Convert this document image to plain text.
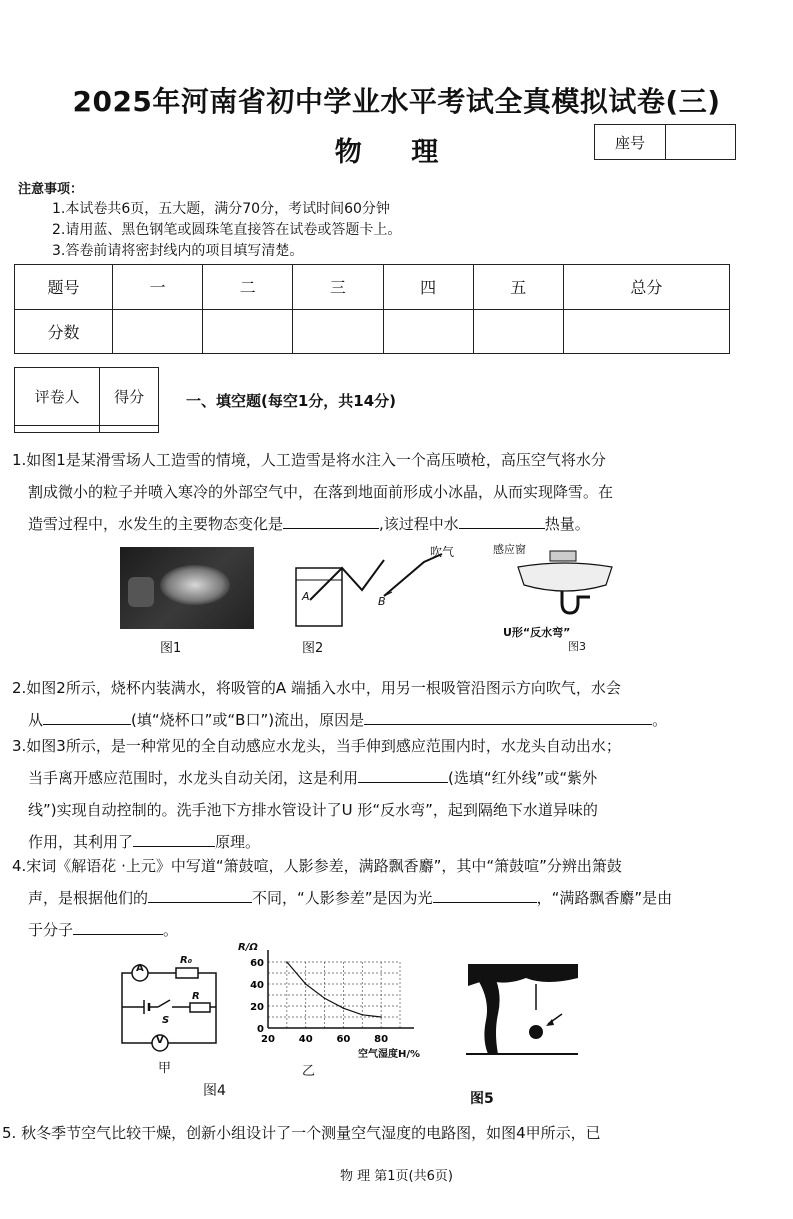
2025年河南省初中学业水平考试全真模拟试卷(三)
物 理	座号
注意事项：
1.本试卷共6页，五大题，满分70分，考试时间60分钟
2.请用蓝、黑色钢笔或圆珠笔直接答在试卷或答题卡上。
3.答卷前请将密封线内的项目填写清楚。
题号	一	二	三	四	五	总分
分数						
评卷人	得分
		一、填空题(每空1分，共14分)
1.如图1是某滑雪场人工造雪的情境，人工造雪是将水注入一个高压喷枪，高压空气将水分

割成微小的粒子并喷入寒冷的外部空气中，在落到地面前形成小冰晶，从而实现降雪。在
造雪过程中，水发生的主要物态变化是	,该过程中水	热量。
图1
吹气
A	B
图2
感应窗
U形“反水弯”
图3
2.如图2所示，烧杯内装满水，将吸管的A 端插入水中，用另一根吸管沿图示方向吹气，水会

从	(填“烧杯口”或“B口”)流出，原因是	。
3.如图3所示，是一种常见的全自动感应水龙头，当手伸到感应范围内时，水龙头自动出水；

当手离开感应范围时，水龙头自动关闭，这是利用	(选填“红外线”或“紫外
线”)实现自动控制的。洗手池下方排水管设计了U 形“反水弯”，起到隔绝下水道异味的
作用，其利用了	原理。
4.宋词《解语花 ·上元》中写道“箫鼓喧，人影参差，满路飘香麝”，其中“箫鼓喧”分辨出箫鼓

声，是根据他们的	不同，“人影参差”是因为光	，“满路飘香麝”是由
于分子	。
A
V
R₀
R
S
甲
20 40 60 80
0
20
40
60
R/Ω
空气湿度H/%
乙
图4	图5
5. 秋冬季节空气比较干燥，创新小组设计了一个测量空气湿度的电路图，如图4甲所示，已
物 理 第1页(共6页)
